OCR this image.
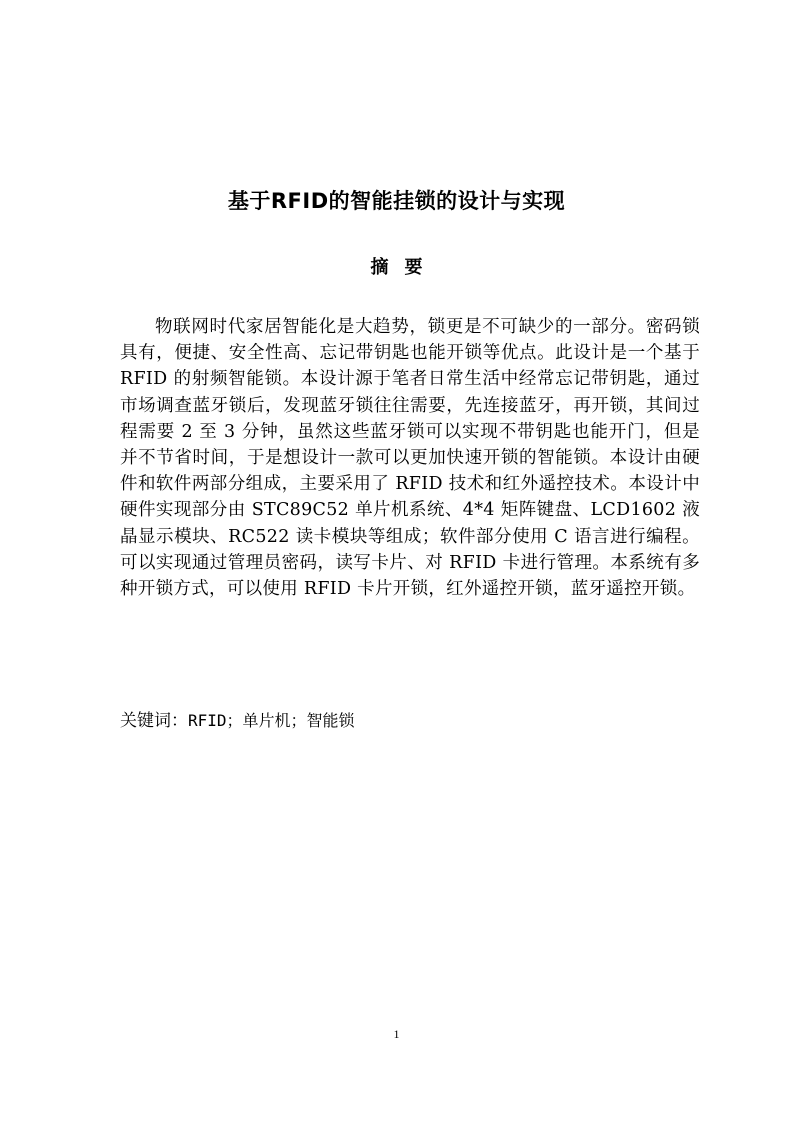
基于RFID的智能挂锁的设计与实现
摘要

物联网时代家居智能化是大趋势，锁更是不可缺少的一部分。密码锁具有，便捷、安全性高、忘记带钥匙也能开锁等优点。此设计是一个基于 RFID 的射频智能锁。本设计源于笔者日常生活中经常忘记带钥匙，通过市场调查蓝牙锁后，发现蓝牙锁往往需要，先连接蓝牙，再开锁，其间过程需要 2 至 3 分钟，虽然这些蓝牙锁可以实现不带钥匙也能开门，但是并不节省时间，于是想设计一款可以更加快速开锁的智能锁。本设计由硬件和软件两部分组成，主要采用了 RFID 技术和红外遥控技术。本设计中硬件实现部分由 STC89C52 单片机系统、4*4 矩阵键盘、LCD1602 液晶显示模块、RC522 读卡模块等组成；软件部分使用 C 语言进行编程。可以实现通过管理员密码，读写卡片、对 RFID 卡进行管理。本系统有多种开锁方式，可以使用 RFID 卡片开锁，红外遥控开锁，蓝牙遥控开锁。

关键词：RFID；单片机；智能锁

1
